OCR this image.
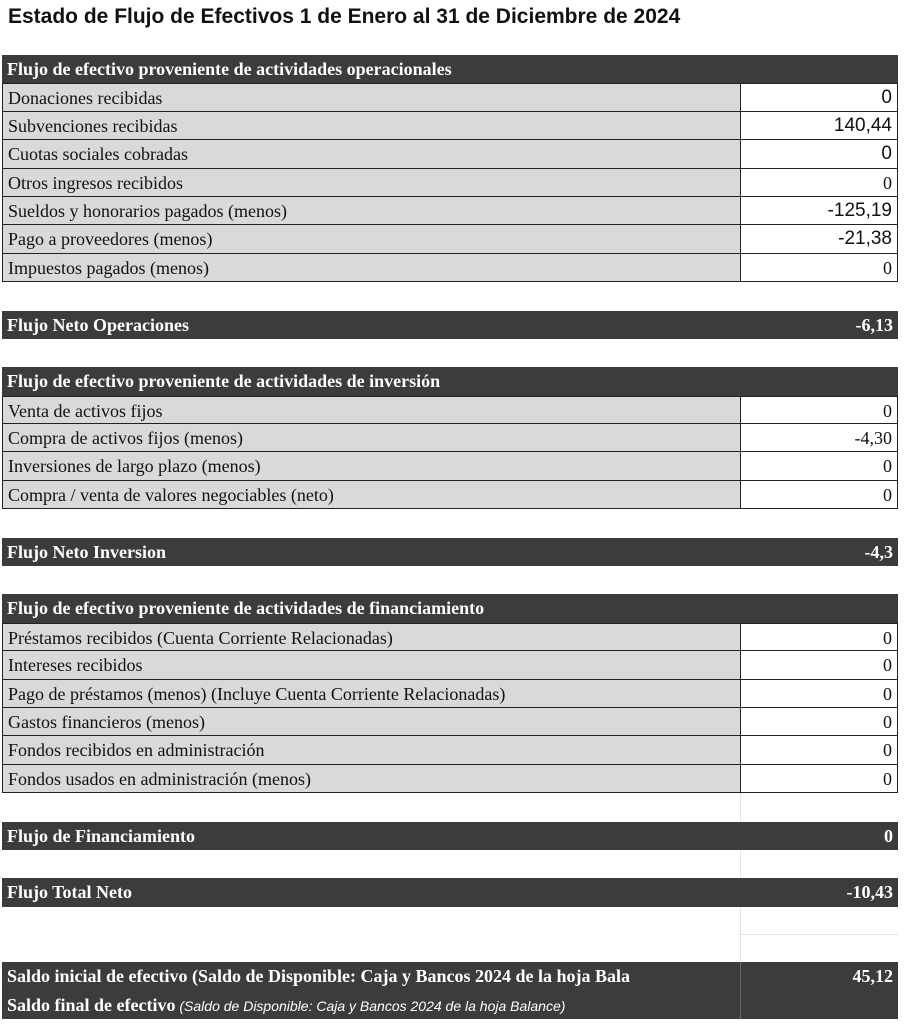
Estado de Flujo de Efectivos 1 de Enero al 31 de Diciembre de 2024
Flujo de efectivo proveniente de actividades operacionales
Donaciones recibidas	0
Subvenciones recibidas	140,44
Cuotas sociales cobradas	0
Otros ingresos recibidos	0
Sueldos y honorarios pagados (menos)	-125,19
Pago a proveedores (menos)	-21,38
Impuestos pagados (menos)	0
Flujo Neto Operaciones	-6,13
Flujo de efectivo proveniente de actividades de inversión
Venta de activos fijos	0
Compra de activos fijos (menos)	-4,30
Inversiones de largo plazo (menos)	0
Compra / venta de valores negociables (neto)	0
Flujo Neto Inversion	-4,3
Flujo de efectivo proveniente de actividades de financiamiento
Préstamos recibidos (Cuenta Corriente Relacionadas)	0
Intereses recibidos	0
Pago de préstamos (menos) (Incluye Cuenta Corriente Relacionadas)	0
Gastos financieros (menos)	0
Fondos recibidos en administración	0
Fondos usados en administración (menos)	0
Flujo de Financiamiento	0
Flujo Total Neto	-10,43
Saldo inicial de efectivo (Saldo de Disponible: Caja y Bancos 2024 de la hoja Bala	45,12
Saldo final de efectivo (Saldo de Disponible: Caja y Bancos 2024 de la hoja Balance)
